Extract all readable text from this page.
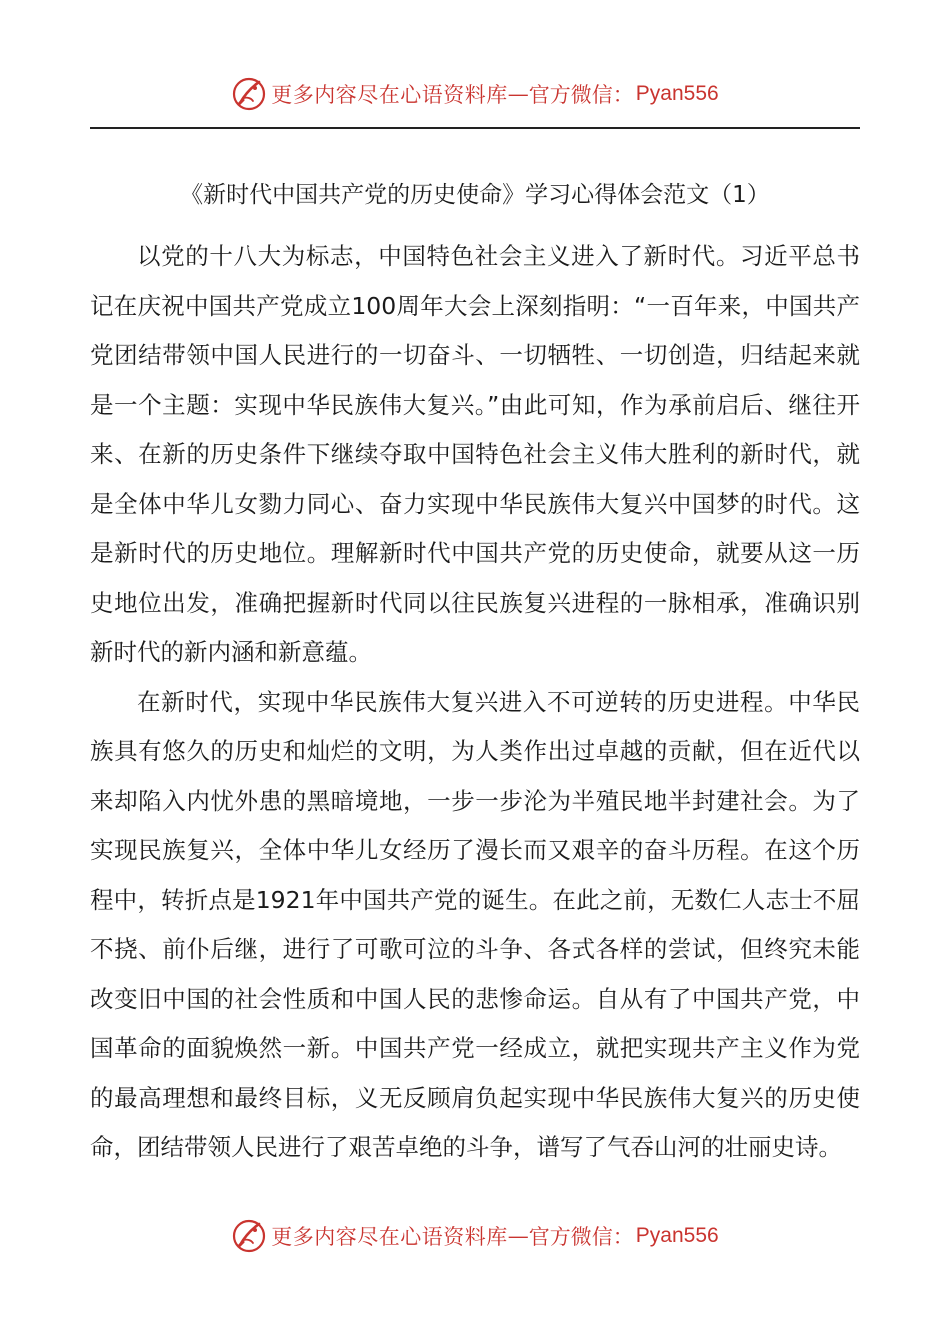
更多内容尽在心语资料库 — 官方微信： Pyan556
《新时代中国共产党的历史使命》学习心得体会范文（1）

以党的十八大为标志，中国特色社会主义进入了新时代。习近平总书记在庆祝中国共产党成立100周年大会上深刻指明：“一百年来，中国共产党团结带领中国人民进行的一切奋斗、一切牺牲、一切创造，归结起来就是一个主题：实现中华民族伟大复兴。”由此可知，作为承前启后、继往开来、在新的历史条件下继续夺取中国特色社会主义伟大胜利的新时代，就是全体中华儿女勠力同心、奋力实现中华民族伟大复兴中国梦的时代。这是新时代的历史地位。理解新时代中国共产党的历史使命，就要从这一历史地位出发，准确把握新时代同以往民族复兴进程的一脉相承，准确识别新时代的新内涵和新意蕴。

在新时代，实现中华民族伟大复兴进入不可逆转的历史进程。中华民族具有悠久的历史和灿烂的文明，为人类作出过卓越的贡献，但在近代以来却陷入内忧外患的黑暗境地，一步一步沦为半殖民地半封建社会。为了实现民族复兴，全体中华儿女经历了漫长而又艰辛的奋斗历程。在这个历程中，转折点是1921年中国共产党的诞生。在此之前，无数仁人志士不屈不挠、前仆后继，进行了可歌可泣的斗争、各式各样的尝试，但终究未能改变旧中国的社会性质和中国人民的悲惨命运。自从有了中国共产党，中国革命的面貌焕然一新。中国共产党一经成立，就把实现共产主义作为党的最高理想和最终目标，义无反顾肩负起实现中华民族伟大复兴的历史使命，团结带领人民进行了艰苦卓绝的斗争，谱写了气吞山河的壮丽史诗。

更多内容尽在心语资料库 — 官方微信： Pyan556
